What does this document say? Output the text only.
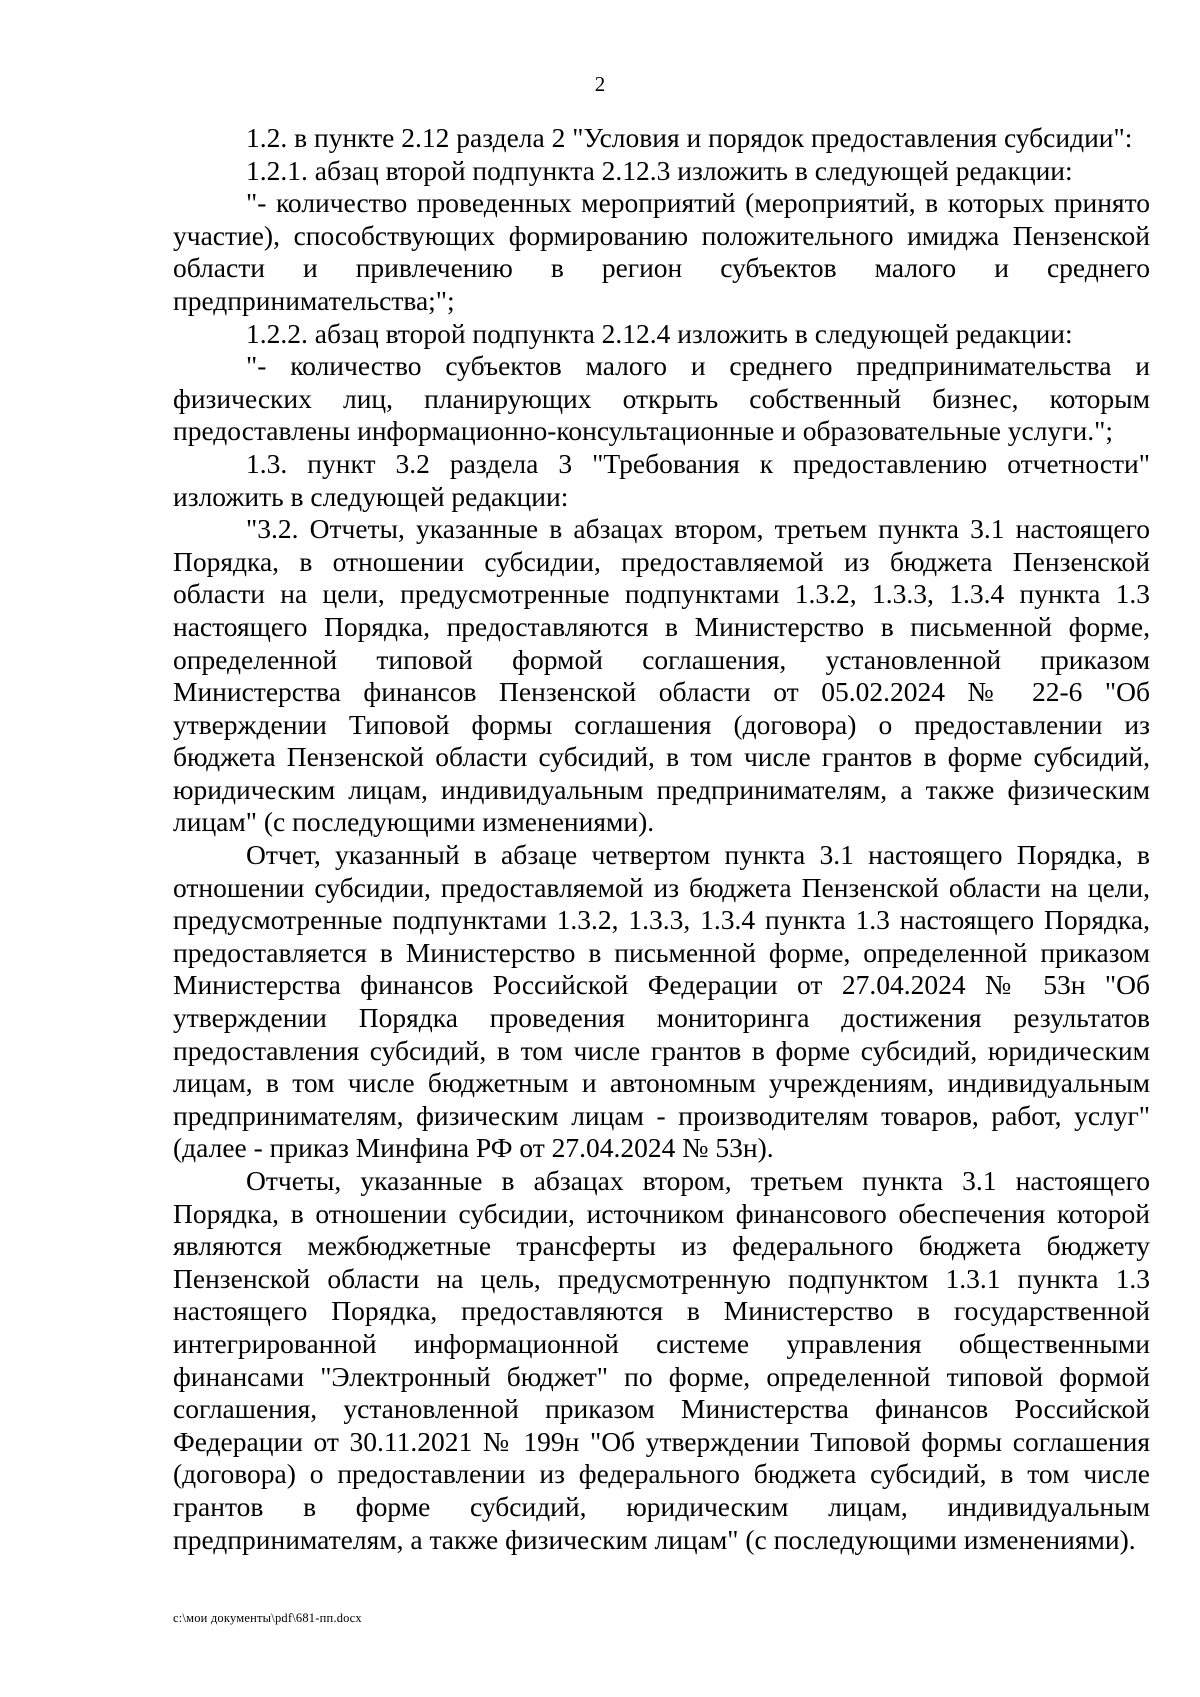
2

1.2. в пункте 2.12 раздела 2 "Условия и порядок предоставления субсидии":

1.2.1. абзац второй подпункта 2.12.3 изложить в следующей редакции:

"- количество проведенных мероприятий (мероприятий, в которых принято участие), способствующих формированию положительного имиджа Пензенской области и привлечению в регион субъектов малого и среднего предпринимательства;";

1.2.2. абзац второй подпункта 2.12.4 изложить в следующей редакции:

"- количество субъектов малого и среднего предпринимательства и физических лиц, планирующих открыть собственный бизнес, которым предоставлены информационно-консультационные и образовательные услуги.";

1.3. пункт 3.2 раздела 3 "Требования к предоставлению отчетности" изложить в следующей редакции:

"3.2. Отчеты, указанные в абзацах втором, третьем пункта 3.1 настоящего Порядка, в отношении субсидии, предоставляемой из бюджета Пензенской области на цели, предусмотренные подпунктами 1.3.2, 1.3.3, 1.3.4 пункта 1.3 настоящего Порядка, предоставляются в Министерство в письменной форме, определенной типовой формой соглашения, установленной приказом Министерства финансов Пензенской области от 05.02.2024 № 22-6 "Об утверждении Типовой формы соглашения (договора) о предоставлении из бюджета Пензенской области субсидий, в том числе грантов в форме субсидий, юридическим лицам, индивидуальным предпринимателям, а также физическим лицам" (с последующими изменениями).

Отчет, указанный в абзаце четвертом пункта 3.1 настоящего Порядка, в отношении субсидии, предоставляемой из бюджета Пензенской области на цели, предусмотренные подпунктами 1.3.2, 1.3.3, 1.3.4 пункта 1.3 настоящего Порядка, предоставляется в Министерство в письменной форме, определенной приказом Министерства финансов Российской Федерации от 27.04.2024 № 53н "Об утверждении Порядка проведения мониторинга достижения результатов предоставления субсидий, в том числе грантов в форме субсидий, юридическим лицам, в том числе бюджетным и автономным учреждениям, индивидуальным предпринимателям, физическим лицам - производителям товаров, работ, услуг" (далее - приказ Минфина РФ от 27.04.2024 № 53н).

Отчеты, указанные в абзацах втором, третьем пункта 3.1 настоящего Порядка, в отношении субсидии, источником финансового обеспечения которой являются межбюджетные трансферты из федерального бюджета бюджету Пензенской области на цель, предусмотренную подпунктом 1.3.1 пункта 1.3 настоящего Порядка, предоставляются в Министерство в государственной интегрированной информационной системе управления общественными финансами "Электронный бюджет" по форме, определенной типовой формой соглашения, установленной приказом Министерства финансов Российской Федерации от 30.11.2021 № 199н "Об утверждении Типовой формы соглашения (договора) о предоставлении из федерального бюджета субсидий, в том числе грантов в форме субсидий, юридическим лицам, индивидуальным предпринимателям, а также физическим лицам" (с последующими изменениями).

c:\мои документы\pdf\681-пп.docx
